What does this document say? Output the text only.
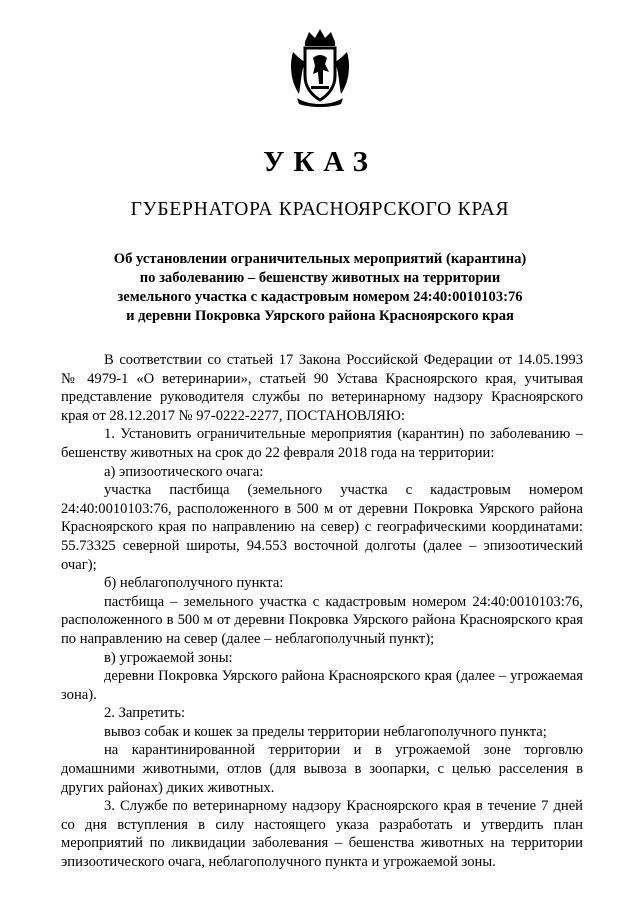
УКАЗ
ГУБЕРНАТОРА КРАСНОЯРСКОГО КРАЯ
Об установлении ограничительных мероприятий (карантина)
по заболеванию – бешенству животных на территории
земельного участка с кадастровым номером 24:40:0010103:76
и деревни Покровка Уярского района Красноярского края

В соответствии со статьей 17 Закона Российской Федерации от 14.05.1993 № 4979-1 «О ветеринарии», статьей 90 Устава Красноярского края, учитывая представление руководителя службы по ветеринарному надзору Красноярского края от 28.12.2017 № 97-0222-2277, ПОСТАНОВЛЯЮ:

1. Установить ограничительные мероприятия (карантин) по заболеванию – бешенству животных на срок до 22 февраля 2018 года на территории:

а) эпизоотического очага:

участка пастбища (земельного участка с кадастровым номером 24:40:0010103:76, расположенного в 500 м от деревни Покровка Уярского района Красноярского края по направлению на север) с географическими координатами: 55.73325 северной широты, 94.553 восточной долготы (далее – эпизоотический очаг);

б) неблагополучного пункта:

пастбища – земельного участка с кадастровым номером 24:40:0010103:76, расположенного в 500 м от деревни Покровка Уярского района Красноярского края по направлению на север (далее – неблагополучный пункт);

в) угрожаемой зоны:

деревни Покровка Уярского района Красноярского края (далее – угрожаемая зона).

2. Запретить:

вывоз собак и кошек за пределы территории неблагополучного пункта;

на карантинированной территории и в угрожаемой зоне торговлю домашними животными, отлов (для вывоза в зоопарки, с целью расселения в других районах) диких животных.

3. Службе по ветеринарному надзору Красноярского края в течение 7 дней со дня вступления в силу настоящего указа разработать и утвердить план мероприятий по ликвидации заболевания – бешенства животных на территории эпизоотического очага, неблагополучного пункта и угрожаемой зоны.
